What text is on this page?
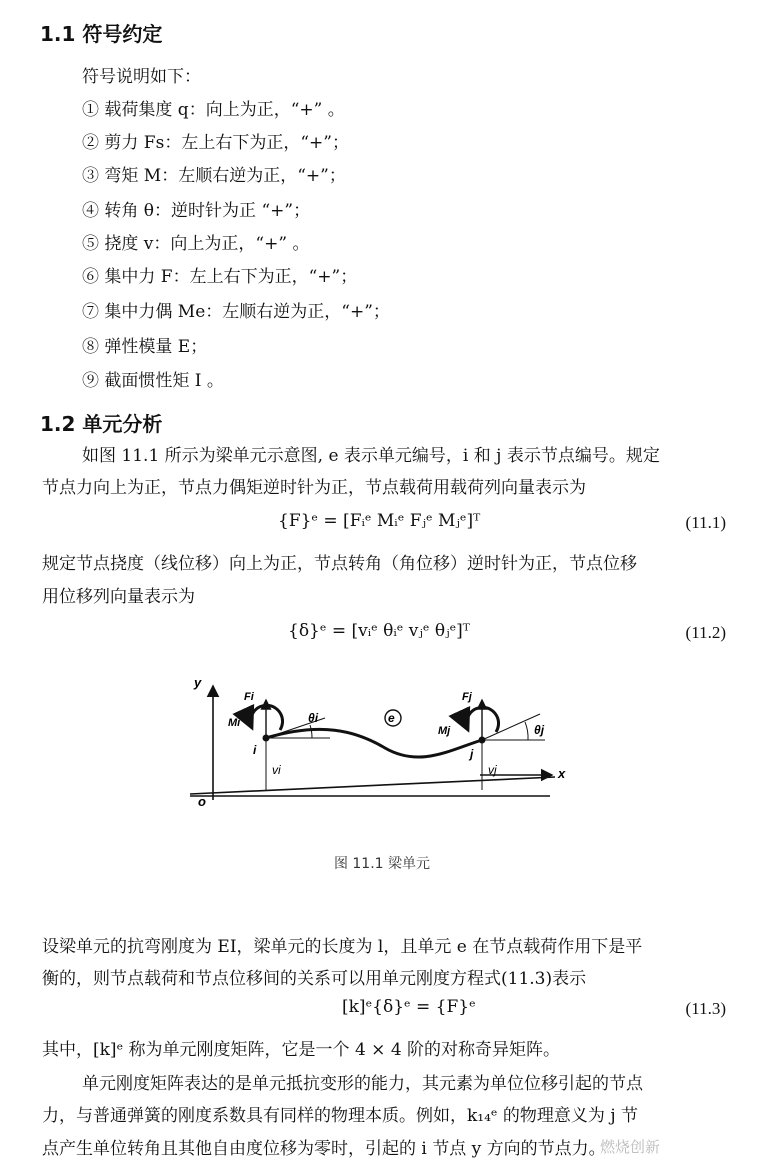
1.1 符号约定
符号说明如下：
① 载荷集度 q：向上为正，“+” 。
② 剪力 Fs：左上右下为正，“+”；
③ 弯矩 M：左顺右逆为正，“+”；
④ 转角 θ：逆时针为正 “+”；
⑤ 挠度 v：向上为正，“+” 。
⑥ 集中力 F：左上右下为正，“+”；
⑦ 集中力偶 Me：左顺右逆为正，“+”；
⑧ 弹性模量 E；
⑨ 截面惯性矩 I 。
1.2 单元分析
如图 11.1 所示为梁单元示意图, e 表示单元编号，i 和 j 表示节点编号。规定
节点力向上为正，节点力偶矩逆时针为正，节点载荷用载荷列向量表示为
{F}ᵉ = [Fᵢᵉ Mᵢᵉ Fⱼᵉ Mⱼᵉ]ᵀ	(11.1)
规定节点挠度（线位移）向上为正，节点转角（角位移）逆时针为正，节点位移
用位移列向量表示为
{δ}ᵉ = [vᵢᵉ θᵢᵉ vⱼᵉ θⱼᵉ]ᵀ	(11.2)
y
x
o
Fi
Mi	θi
i
vi
e
Fj
Mj	θj
j
vj
图 11.1 梁单元
设梁单元的抗弯刚度为 EI，梁单元的长度为 l，且单元 e 在节点载荷作用下是平
衡的，则节点载荷和节点位移间的关系可以用单元刚度方程式(11.3)表示
[k]ᵉ{δ}ᵉ = {F}ᵉ	(11.3)
其中，[k]ᵉ 称为单元刚度矩阵，它是一个 4 × 4 阶的对称奇异矩阵。
单元刚度矩阵表达的是单元抵抗变形的能力，其元素为单位位移引起的节点
力，与普通弹簧的刚度系数具有同样的物理本质。例如，k₁₄ᵉ 的物理意义为 j 节
点产生单位转角且其他自由度位移为零时，引起的 i 节点 y 方向的节点力。
燃烧创新
